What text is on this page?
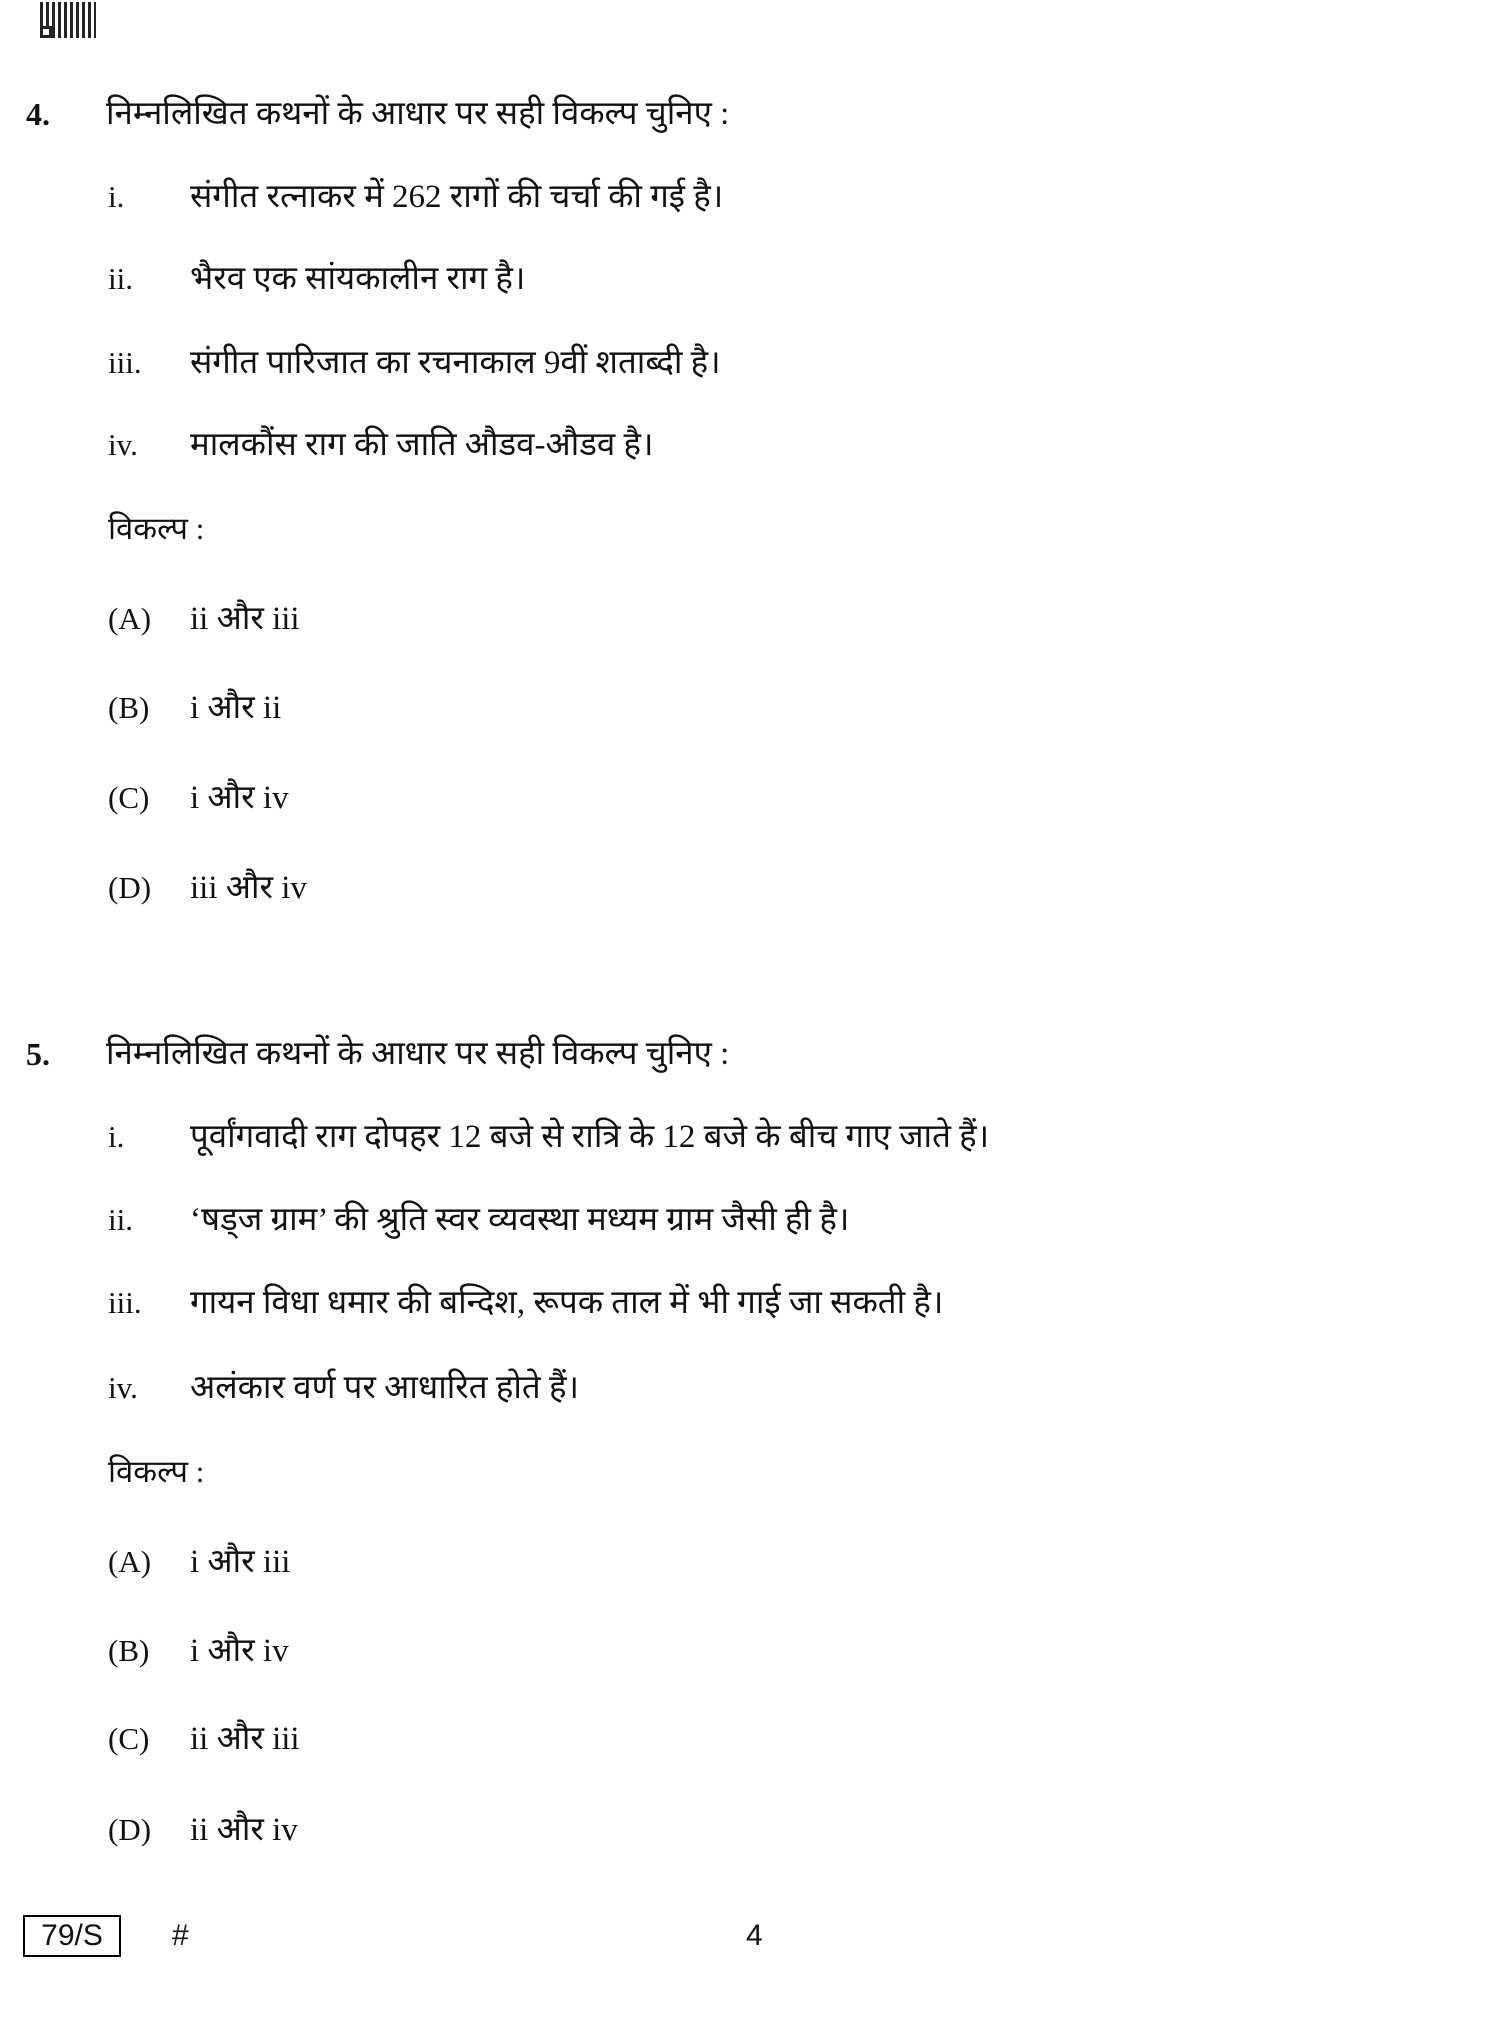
4. निम्नलिखित कथनों के आधार पर सही विकल्प चुनिए :
i. संगीत रत्नाकर में 262 रागों की चर्चा की गई है।
ii. भैरव एक सांयकालीन राग है।
iii. संगीत पारिजात का रचनाकाल 9वीं शताब्दी है।
iv. मालकौंस राग की जाति औडव-औडव है।
विकल्प :
(A) ii और iii
(B) i और ii
(C) i और iv
(D) iii और iv
5. निम्नलिखित कथनों के आधार पर सही विकल्प चुनिए :
i. पूर्वांगवादी राग दोपहर 12 बजे से रात्रि के 12 बजे के बीच गाए जाते हैं।
ii. ‘षड्ज ग्राम’ की श्रुति स्वर व्यवस्था मध्यम ग्राम जैसी ही है।
iii. गायन विधा धमार की बन्दिश, रूपक ताल में भी गाई जा सकती है।
iv. अलंकार वर्ण पर आधारित होते हैं।
विकल्प :
(A) i और iii
(B) i और iv
(C) ii और iii
(D) ii और iv
79/S	#	4
